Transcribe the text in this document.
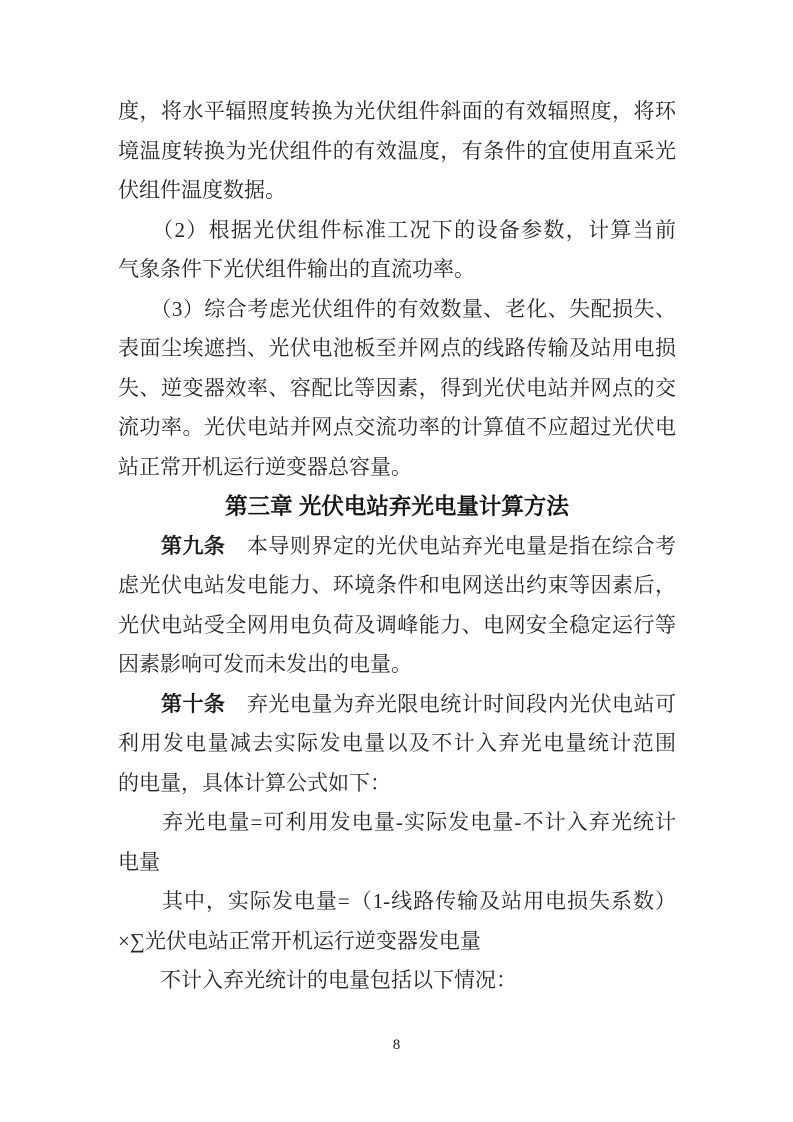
度，将水平辐照度转换为光伏组件斜面的有效辐照度，将环
境温度转换为光伏组件的有效温度，有条件的宜使用直采光
伏组件温度数据。
　　（2）根据光伏组件标准工况下的设备参数，计算当前
气象条件下光伏组件输出的直流功率。
　　（3）综合考虑光伏组件的有效数量、老化、失配损失、
表面尘埃遮挡、光伏电池板至并网点的线路传输及站用电损
失、逆变器效率、容配比等因素，得到光伏电站并网点的交
流功率。光伏电站并网点交流功率的计算值不应超过光伏电
站正常开机运行逆变器总容量。
第三章 光伏电站弃光电量计算方法
　　第九条　本导则界定的光伏电站弃光电量是指在综合考
虑光伏电站发电能力、环境条件和电网送出约束等因素后，
光伏电站受全网用电负荷及调峰能力、电网安全稳定运行等
因素影响可发而未发出的电量。
　　第十条　弃光电量为弃光限电统计时间段内光伏电站可
利用发电量减去实际发电量以及不计入弃光电量统计范围
的电量，具体计算公式如下：
　　弃光电量=可利用发电量-实际发电量-不计入弃光统计
电量
　　其中，实际发电量=（1-线路传输及站用电损失系数）
×∑光伏电站正常开机运行逆变器发电量
　　不计入弃光统计的电量包括以下情况：
8
